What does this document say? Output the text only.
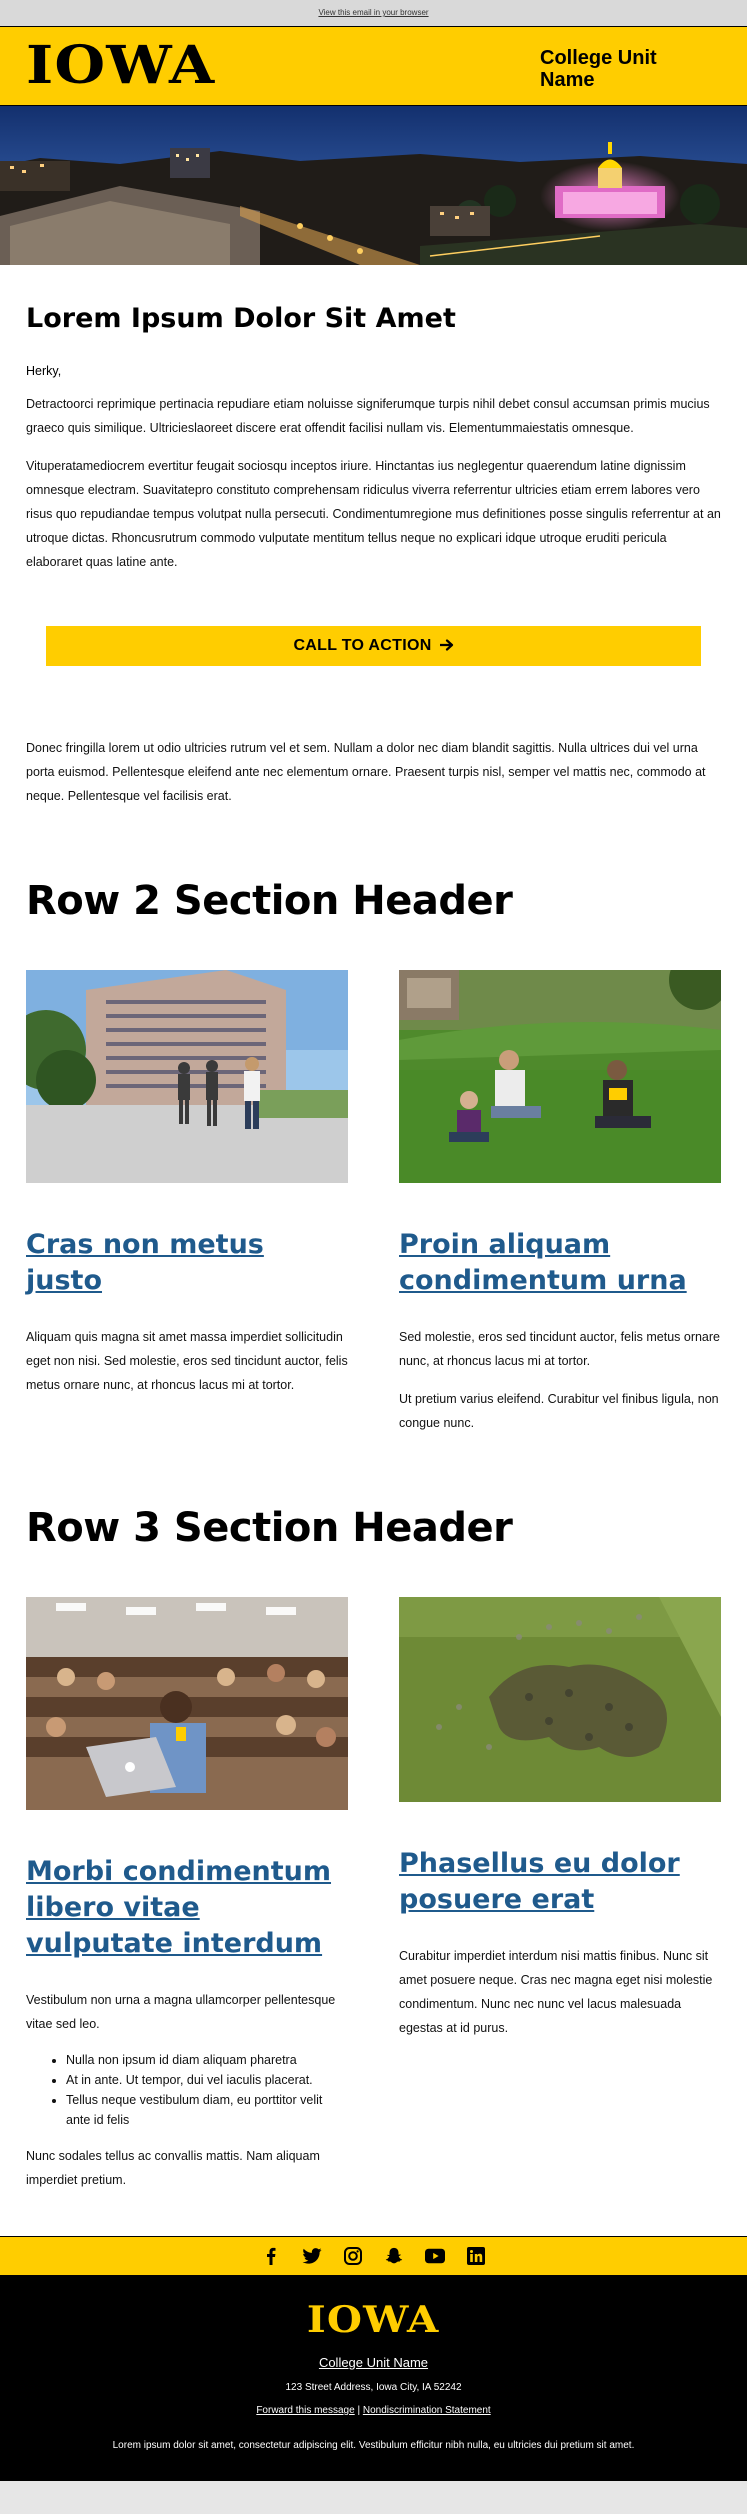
View this email in your browser
IOWA	College Unit
Name
Lorem Ipsum Dolor Sit Amet

Herky,

Detractoorci reprimique pertinacia repudiare etiam noluisse signiferumque turpis nihil debet consul accumsan primis mucius graeco quis similique. Ultricieslaoreet discere erat offendit facilisi nullam vis. Elementummaiestatis omnesque.

Vituperatamediocrem evertitur feugait sociosqu inceptos iriure. Hinctantas ius neglegentur quaerendum latine dignissim omnesque electram. Suavitatepro constituto comprehensam ridiculus viverra referrentur ultricies etiam errem labores vero risus quo repudiandae tempus volutpat nulla persecuti. Condimentumregione mus definitiones posse singulis referrentur at an utroque dictas. Rhoncusrutrum commodo vulputate mentitum tellus neque no explicari idque utroque eruditi pericula elaboraret quas latine ante.

CALL TO ACTION

Donec fringilla lorem ut odio ultricies rutrum vel et sem. Nullam a dolor nec diam blandit sagittis. Nulla ultrices dui vel urna porta euismod. Pellentesque eleifend ante nec elementum ornare. Praesent turpis nisl, semper vel mattis nec, commodo at neque. Pellentesque vel facilisis erat.

Row 2 Section Header
Cras non metus justo

Aliquam quis magna sit amet massa imperdiet sollicitudin eget non nisi. Sed molestie, eros sed tincidunt auctor, felis metus ornare nunc, at rhoncus lacus mi at tortor.

Proin aliquam condimentum urna

Sed molestie, eros sed tincidunt auctor, felis metus ornare nunc, at rhoncus lacus mi at tortor.

Ut pretium varius eleifend. Curabitur vel finibus ligula, non congue nunc.

Row 3 Section Header
Morbi condimentum libero vitae vulputate interdum

Vestibulum non urna a magna ullamcorper pellentesque vitae sed leo.

• Nulla non ipsum id diam aliquam pharetra
• At in ante. Ut tempor, dui vel iaculis placerat.
• Tellus neque vestibulum diam, eu porttitor velit ante id felis

Nunc sodales tellus ac convallis mattis. Nam aliquam imperdiet pretium.

Phasellus eu dolor posuere erat

Curabitur imperdiet interdum nisi mattis finibus. Nunc sit amet posuere neque. Cras nec magna eget nisi molestie condimentum. Nunc nec nunc vel lacus malesuada egestas at id purus.

IOWA
College Unit Name
123 Street Address, Iowa City, IA 52242
Forward this message | Nondiscrimination Statement
Lorem ipsum dolor sit amet, consectetur adipiscing elit. Vestibulum efficitur nibh nulla, eu ultricies dui pretium sit amet.
